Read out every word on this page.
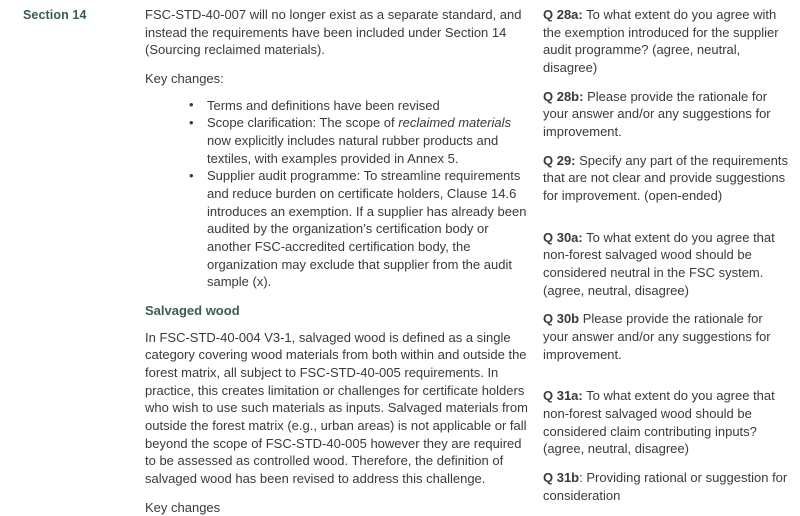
Section 14	FSC-STD-40-007 will no longer exist as a separate standard, and instead the requirements have been included under Section 14 (Sourcing reclaimed materials).

Key changes:

• Terms and definitions have been revised
• Scope clarification: The scope of reclaimed materials now explicitly includes natural rubber products and textiles, with examples provided in Annex 5.
• Supplier audit programme: To streamline requirements and reduce burden on certificate holders, Clause 14.6 introduces an exemption. If a supplier has already been audited by the organization’s certification body or another FSC-accredited certification body, the organization may exclude that supplier from the audit sample (x).

Salvaged wood

In FSC-STD-40-004 V3-1, salvaged wood is defined as a single category covering wood materials from both within and outside the forest matrix, all subject to FSC-STD-40-005 requirements. In practice, this creates limitation or challenges for certificate holders who wish to use such materials as inputs. Salvaged materials from outside the forest matrix (e.g., urban areas) is not applicable or fall beyond the scope of FSC-STD-40-005 however they are required to be assessed as controlled wood. Therefore, the definition of salvaged wood has been revised to address this challenge.

Key changes

Q 28a: To what extent do you agree with the exemption introduced for the supplier audit programme? (agree, neutral, disagree)

Q 28b: Please provide the rationale for your answer and/or any suggestions for improvement.

Q 29: Specify any part of the requirements that are not clear and provide suggestions for improvement. (open-ended)

Q 30a: To what extent do you agree that non-forest salvaged wood should be considered neutral in the FSC system. (agree, neutral, disagree)

Q 30b Please provide the rationale for your answer and/or any suggestions for improvement.

Q 31a: To what extent do you agree that non-forest salvaged wood should be considered claim contributing inputs? (agree, neutral, disagree)

Q 31b: Providing rational or suggestion for consideration
